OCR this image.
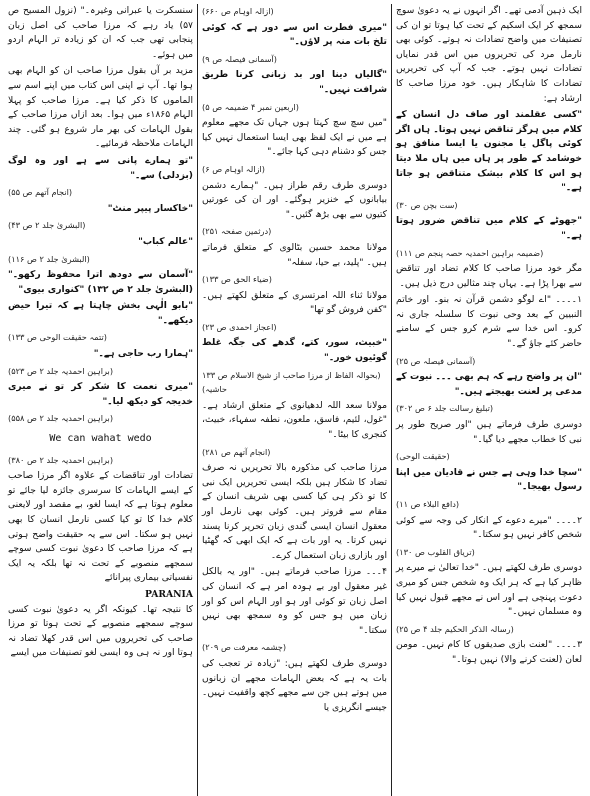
ایک ذہین آدمی تھے۔ اگر انہوں نے یہ دعویٰ سوچ سمجھ کر ایک اسکیم کے تحت کیا ہوتا تو ان کی تصنیفات میں واضح تضادات نہ ہوتے۔ کوئی بھی نارمل مرد کی تحریروں میں اس قدر نمایاں تضادات نہیں ہوتے۔ جب کہ آپ کی تحریریں تضادات کا شاہکار ہیں۔ خود مرزا صاحب کا ارشاد ہے:

"کسی عقلمند اور صاف دل انسان کے کلام میں ہرگز تناقض نہیں ہوتا۔ ہاں اگر کوئی پاگل یا مجنون یا ایسا منافق ہو خوشامد کے طور پر ہاں میں ہاں ملا دیتا ہو اس کا کلام بیشک متناقض ہو جاتا ہے۔"

(ست بچن ص ۳۰)

"جھوٹے کے کلام میں تناقض ضرور ہوتا ہے۔"

(ضمیمہ براہین احمدیہ حصہ پنجم ص ۱۱۱)

مگر خود مرزا صاحب کا کلام تضاد اور تناقض سے بھرا پڑا ہے۔ یہاں چند مثالیں درج ذیل ہیں۔

۱۔۔۔۔ "اے لوگو دشمن قرآن نہ بنو۔ اور خاتم النبیین کے بعد وحی نبوت کا سلسلہ جاری نہ کرو۔ اس خدا سے شرم کرو جس کے سامنے حاضر کئے جاؤ گے۔"

(آسمانی فیصلہ ص ۲۵)

"ان پر واضح رہے کہ ہم بھی ۔۔۔ نبوت کے مدعی پر لعنت بھیجتے ہیں۔"

(تبلیغ رسالت جلد ۶ ص ۳۰۲)

دوسری طرف فرماتے ہیں "اور صریح طور پر نبی کا خطاب مجھے دیا گیا۔"

(حقیقت الوحی)

"سچا خدا وہی ہے جس نے قادیان میں اپنا رسول بھیجا۔"

(دافع البلاء ص ۱۱)

۲۔۔۔۔ "میرے دعوے کے انکار کی وجہ سے کوئی شخص کافر نہیں ہو سکتا۔"

(تریاق القلوب ص ۱۳۰)

دوسری طرف لکھتے ہیں۔ "خدا تعالیٰ نے میرے پر ظاہر کیا ہے کہ ہر ایک وہ شخص جس کو میری دعوت پہنچی ہے اور اس نے مجھے قبول نہیں کیا وہ مسلمان نہیں۔"

(رسالہ الذکر الحکیم جلد ۴ ص ۲۵)

۳۔۔۔۔ "لعنت بازی صدیقوں کا کام نہیں۔ مومن لعان (لعنت کرنے والا) نہیں ہوتا۔"

(ازالہ اوہام ص ۶۶۰)

"میری فطرت اس سے دور ہے کہ کوئی تلخ بات منہ پر لاؤں۔"

(آسمانی فیصلہ ص ۹)

"گالیاں دینا اور بد زبانی کرنا طریق شرافت نہیں۔"

(اربعین نمبر ۴ ضمیمہ ص ۵)

"میں سچ سچ کہتا ہوں جہاں تک مجھے معلوم ہے میں نے ایک لفظ بھی ایسا استعمال نہیں کیا جس کو دشنام دہی کہا جائے۔"

(ازالہ اوہام ص ۶)

دوسری طرف رقم طراز ہیں۔ "ہمارے دشمن بیابانوں کے خنزیر ہوگئے۔ اور ان کی عورتیں کتیوں سے بھی بڑھ گئیں۔"

(درثمین صفحہ ۲۵۱)

مولانا محمد حسین بٹالوی کے متعلق فرماتے ہیں۔ "پلید، بے حیا، سفلہ"

(ضیاء الحق ص ۱۳۳)

مولانا ثناء اللہ امرتسری کے متعلق لکھتے ہیں۔ "کفن فروش گو تھا"

(اعجاز احمدی ص ۲۳)

"خبیث، سور، کتے، گدھے کی جگہ غلط گوئیوں خور۔"

(بحوالہ الفاظ از مرزا صاحب از شیخ الاسلام ص ۱۳۳ حاشیہ)

مولانا سعد اللہ لدھیانوی کے متعلق ارشاد ہے۔ "غول، لئیم، فاسق، ملعون، نطفہ سفہاء، خبیث، کنجری کا بیٹا۔"

(انجام آتھم ص ۲۸۱)

مرزا صاحب کی مذکورہ بالا تحریریں نہ صرف تضاد کا شکار ہیں بلکہ ایسی تحریریں ایک نبی کا تو ذکر ہی کیا کسی بھی شریف انسان کے مقام سے فروتر ہیں۔ کوئی بھی نارمل اور معقول انسان ایسی گندی زبان تحریر کرنا پسند نہیں کرتا۔ یہ اور بات ہے کہ ایک ابھی کہ گھٹیا اور بازاری زبان استعمال کرے۔

۴۔۔۔ مرزا صاحب فرماتے ہیں۔ "اور یہ بالکل غیر معقول اور بے ہودہ امر ہے کہ انسان کی اصل زبان تو کوئی اور ہو اور الہام اس کو اور زبان میں ہو جس کو وہ سمجھ بھی نہیں سکتا۔"

(چشمہ معرفت ص ۲۰۹)

دوسری طرف لکھتے ہیں: "زیادہ تر تعجب کی بات یہ ہے کہ بعض الہامات مجھے ان زبانوں میں ہوتے ہیں جن سے مجھے کچھ واقفیت نہیں۔ جیسے انگریزی یا

سنسکرت یا عبرانی وغیرہ۔" (نزول المسیح ص ۵۷) یاد رہے کہ مرزا صاحب کی اصل زبان پنجابی تھی جب کہ ان کو زیادہ تر الہام اردو میں ہوئے۔

مزید بر آں بقول مرزا صاحب ان کو الہام بھی ہوا تھا۔ آپ نے اپنی اس کتاب میں اپنے اسم سے الماموں کا ذکر کیا ہے۔ مرزا صاحب کو پہلا الہام ۱۸۶۵ء میں ہوا۔ بعد ازاں مرزا صاحب کے بقول الہامات کی بھر مار شروع ہو گئی۔ چند الہامات ملاحظہ فرمائیے۔

"تو ہمارے پانی سے ہے اور وہ لوگ (بزدلی) سے۔"

(انجام آتھم ص ۵۵)

"خاکسار پیپر منٹ"

(البشریٰ جلد ۲ ص ۴۳)

"عالم کباب"

(البشریٰ جلد ۲ ص ۱۱۶)

"آسمان سے دودھ اترا محفوظ رکھو۔" (البشریٰ جلد ۲ ص ۱۳۲) "کنواری بیوی"

"بابو الٰہی بخش چاہتا ہے کہ تیرا حیض دیکھے۔"

(تتمہ حقیقت الوحی ص ۱۳۳)

"ہمارا رب حاجی ہے۔"

(براہین احمدیہ جلد ۲ ص ۵۲۳)

"میری نعمت کا شکر کر تو نے میری خدیجہ کو دیکھ لیا۔"

(براہین احمدیہ جلد ۲ ص ۵۵۸)
We can wahat wedo
(براہین احمدیہ جلد ۲ ص ۳۸۰)

تضادات اور تناقضات کے علاوہ اگر مرزا صاحب کے ایسے الہامات کا سرسری جائزہ لیا جائے تو معلوم ہوتا ہے کہ ایسا لغو، بے مقصد اور لایعنی کلام خدا کا تو کیا کسی نارمل انسان کا بھی نہیں ہو سکتا۔ اس سے یہ حقیقت واضح ہوتی ہے کہ مرزا صاحب کا دعویٰ نبوت کسی سوچے سمجھے منصوبے کے تحت نہ تھا بلکہ یہ ایک نفسیاتی بیماری پیرانائے

PARANIA

کا نتیجہ تھا۔ کیونکہ اگر یہ دعویٰ نبوت کسی سوچے سمجھے منصوبے کے تحت ہوتا تو مرزا صاحب کی تحریروں میں اس قدر کھلا تضاد نہ ہوتا اور نہ ہی وہ ایسی لغو تصنیفات میں ایسے
